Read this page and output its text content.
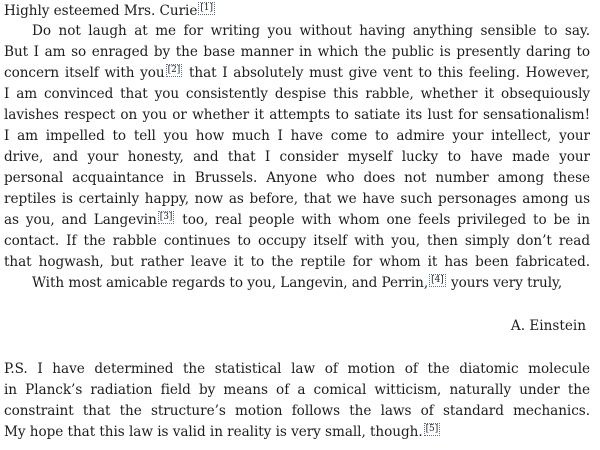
Highly esteemed Mrs. Curie [1]
Do not laugh at me for writing you without having anything sensible to say.
But I am so enraged by the base manner in which the public is presently daring to
concern itself with you [2] that I absolutely must give vent to this feeling. However,
I am convinced that you consistently despise this rabble, whether it obsequiously
lavishes respect on you or whether it attempts to satiate its lust for sensationalism!
I am impelled to tell you how much I have come to admire your intellect, your
drive, and your honesty, and that I consider myself lucky to have made your
personal acquaintance in Brussels. Anyone who does not number among these
reptiles is certainly happy, now as before, that we have such personages among us
as you, and Langevin [3] too, real people with whom one feels privileged to be in
contact. If the rabble continues to occupy itself with you, then simply don’t read
that hogwash, but rather leave it to the reptile for whom it has been fabricated.
With most amicable regards to you, Langevin, and Perrin, [4] yours very truly,
A. Einstein
P.S. I have determined the statistical law of motion of the diatomic molecule
in Planck’s radiation field by means of a comical witticism, naturally under the
constraint that the structure’s motion follows the laws of standard mechanics.
My hope that this law is valid in reality is very small, though. [5]
